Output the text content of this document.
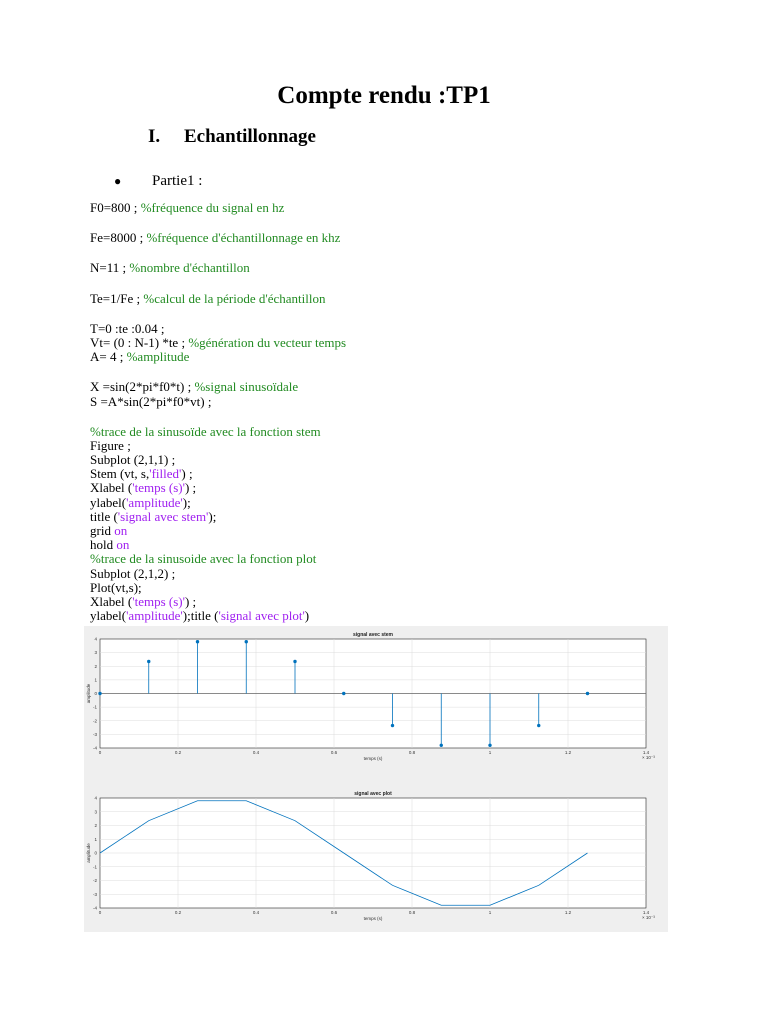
Compte rendu :TP1
I. Echantillonnage
● Partie1 :
F0=800 ; %fréquence du signal en hz
Fe=8000 ; %fréquence d'échantillonnage en khz
N=11 ; %nombre d'échantillon
Te=1/Fe ; %calcul de la période d'échantillon
T=0 :te :0.04 ;
Vt= (0 : N-1) *te ; %génération du vecteur temps
A= 4 ; %amplitude
X =sin(2*pi*f0*t) ; %signal sinusoïdale
S =A*sin(2*pi*f0*vt) ;
%trace de la sinusoïde avec la fonction stem
Figure ;
Subplot (2,1,1) ;
Stem (vt, s,'filled') ;
Xlabel ('temps (s)') ;
ylabel('amplitude');
title ('signal avec stem');
grid on
hold on
%trace de la sinusoide avec la fonction plot
Subplot (2,1,2) ;
Plot(vt,s);
Xlabel ('temps (s)') ;
ylabel('amplitude');title ('signal avec plot')
0	0.2	0.4	0.6	0.8	1	1.2	1.4
4
3
2
1
0
-1
-2
-3
-4
signal avec stem
temps (s)
amplitude
× 10⁻³
0	0.2	0.4	0.6	0.8	1	1.2	1.4
4
3
2
1
0
-1
-2
-3
-4
signal avec plot
temps (s)
amplitude
× 10⁻³
